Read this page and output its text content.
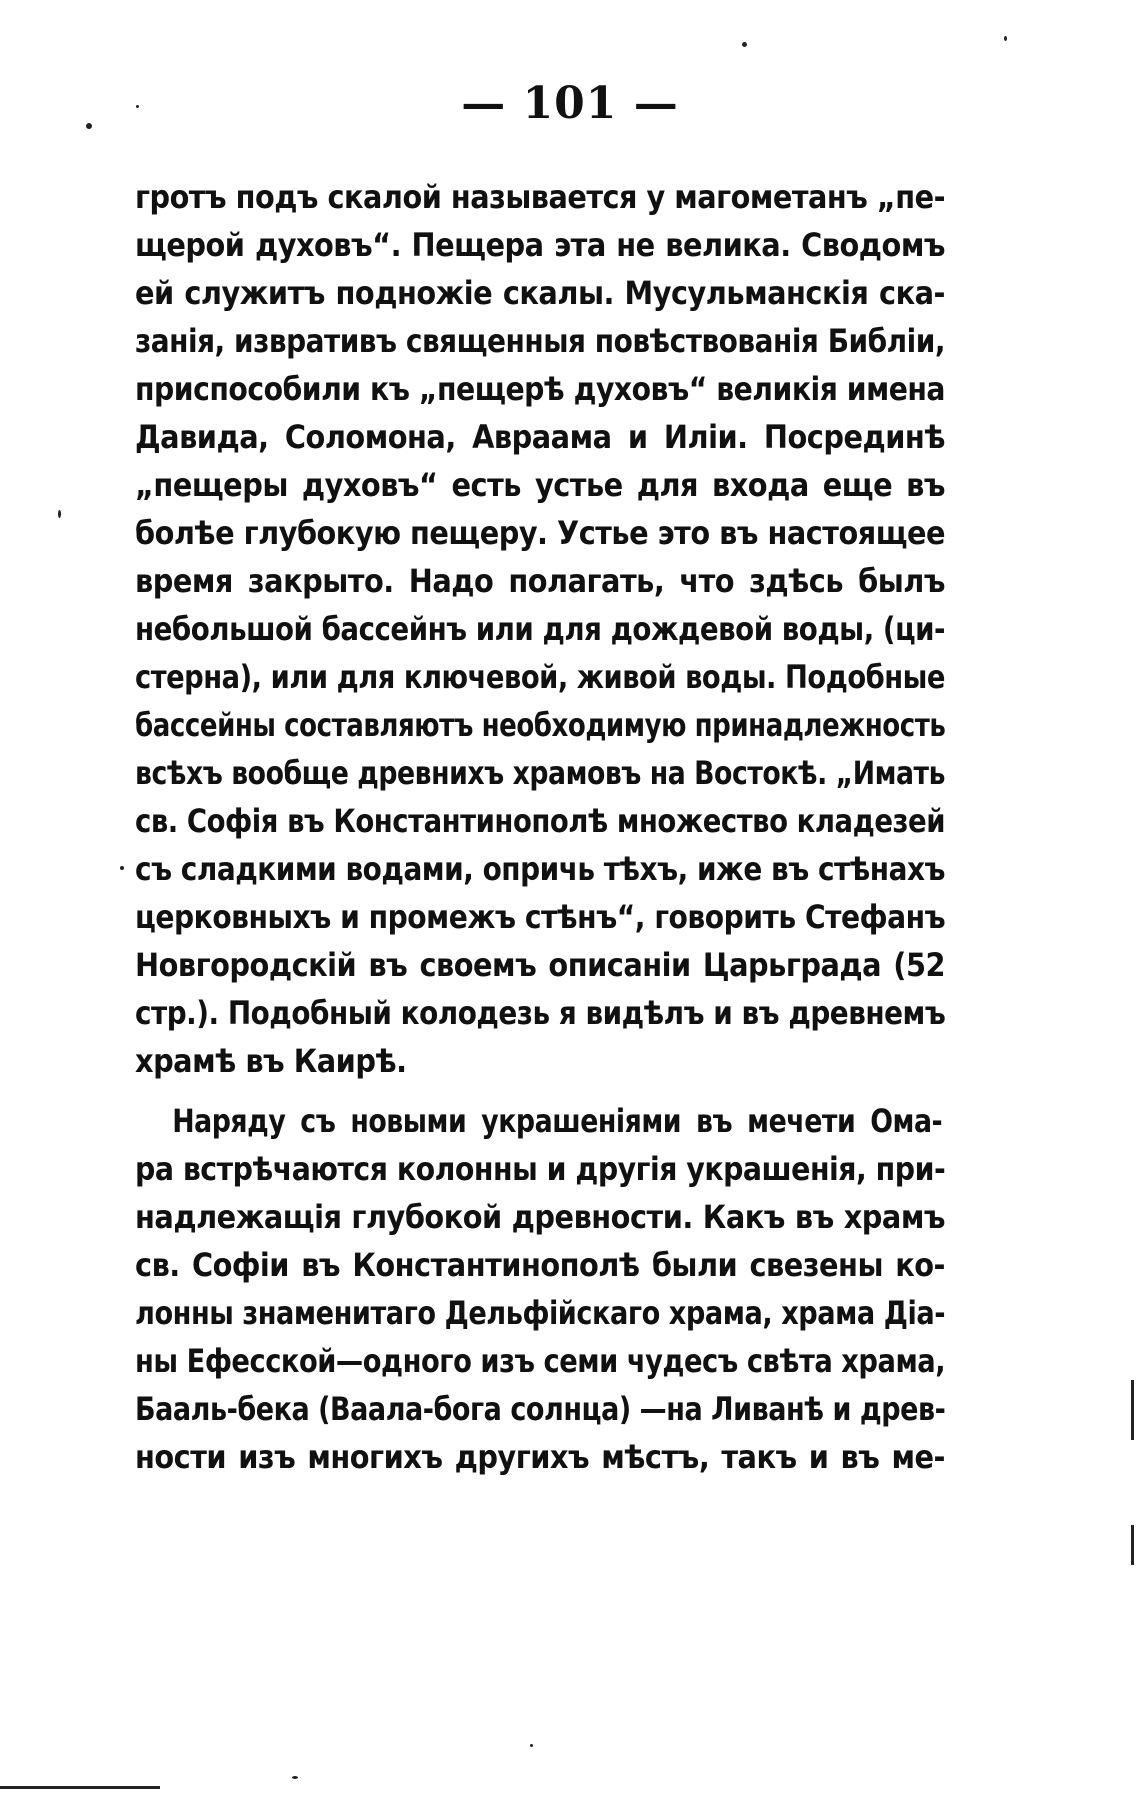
— 101 —
гротъ подъ скалой называется у магометанъ „пе-
щерой духовъ“. Пещера эта не велика. Сводомъ
ей служитъ подножіе скалы. Мусульманскія ска-
занія, извративъ священныя повѣствованія Библіи,
приспособили къ „пещерѣ духовъ“ великія имена
Давида, Соломона, Авраама и Иліи. Посрединѣ
„пещеры духовъ“ есть устье для входа еще въ
болѣе глубокую пещеру. Устье это въ настоящее
время закрыто. Надо полагать, что здѣсь былъ
небольшой бассейнъ или для дождевой воды, (ци-
стерна), или для ключевой, живой воды. Подобные
бассейны составляютъ необходимую принадлежность
всѣхъ вообще древнихъ храмовъ на Востокѣ. „Имать
св. Софія въ Константинополѣ множество кладезей
съ сладкими водами, опричь тѣхъ, иже въ стѣнахъ
церковныхъ и промежъ стѣнъ“, говорить Стефанъ
Новгородскій въ своемъ описаніи Царьграда (52
стр.). Подобный колодезь я видѣлъ и въ древнемъ
храмѣ въ Каирѣ.
Наряду съ новыми украшеніями въ мечети Ома-
ра встрѣчаются колонны и другія украшенія, при-
надлежащія глубокой древности. Какъ въ храмъ
св. Софіи въ Константинополѣ были свезены ко-
лонны знаменитаго Дельфійскаго храма, храма Діа-
ны Ефесской—одного изъ семи чудесъ свѣта храма,
Бааль-бека (Ваала-бога солнца) —на Ливанѣ и древ-
ности изъ многихъ другихъ мѣстъ, такъ и въ ме-
